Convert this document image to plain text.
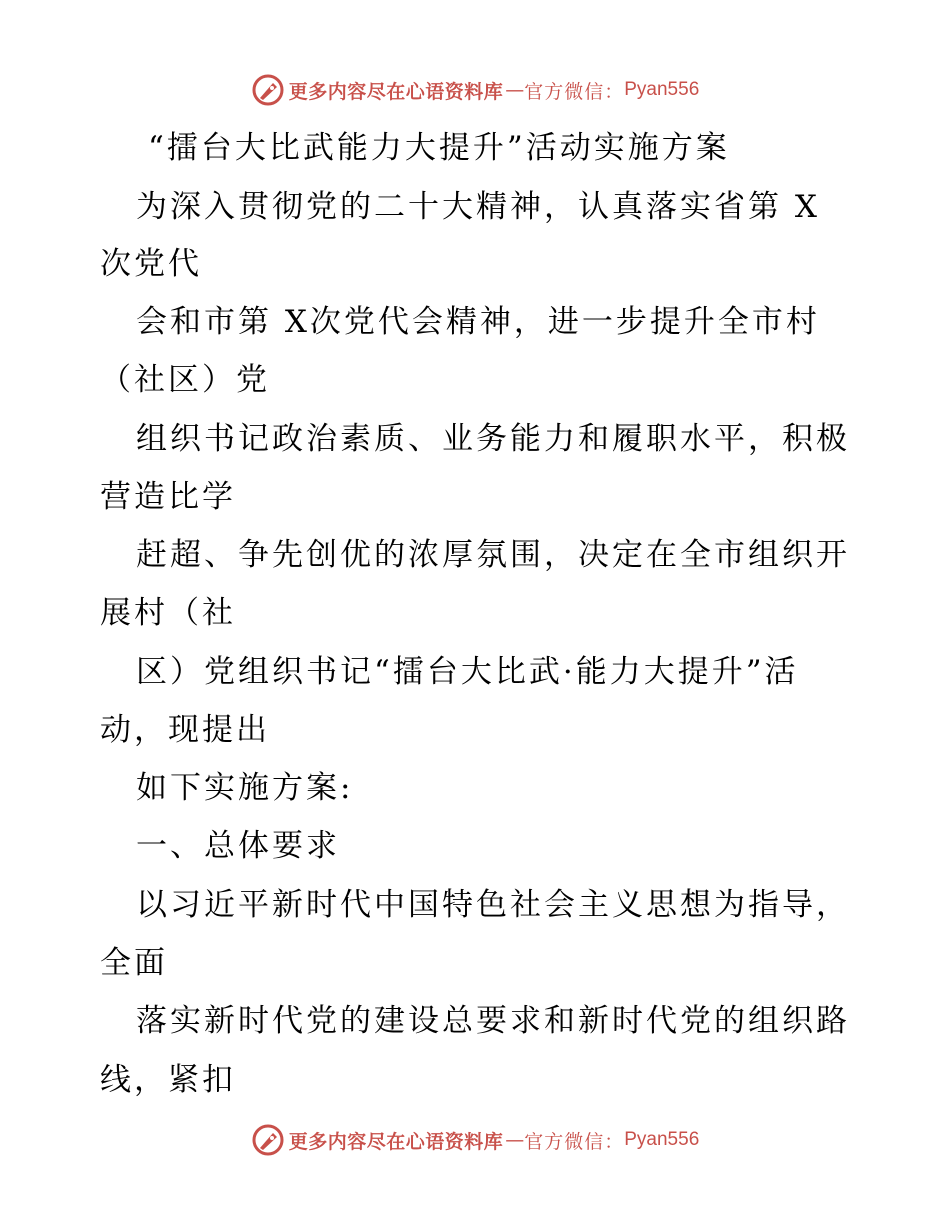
更多内容尽在心语资料库 — 官方微信： Pyan556
“擂台大比武能力大提升”活动实施方案
为深入贯彻党的二十大精神，认真落实省第 X
次党代
会和市第 X次党代会精神，进一步提升全市村
（社区）党
组织书记政治素质、业务能力和履职水平，积极
营造比学
赶超、争先创优的浓厚氛围，决定在全市组织开
展村（社
区）党组织书记“擂台大比武·能力大提升”活
动，现提出
如下实施方案:
一、总体要求
以习近平新时代中国特色社会主义思想为指导，
全面
落实新时代党的建设总要求和新时代党的组织路
线，紧扣
更多内容尽在心语资料库 — 官方微信： Pyan556
